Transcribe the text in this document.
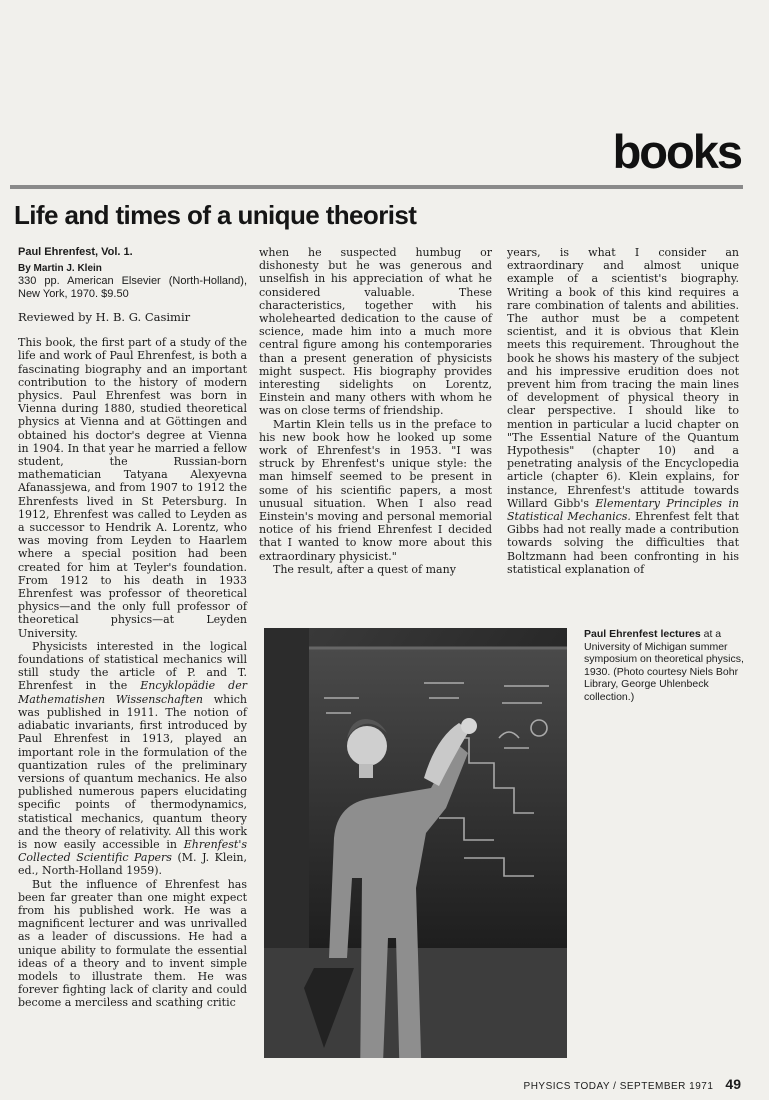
books
Life and times of a unique theorist
Paul Ehrenfest, Vol. 1.
By Martin J. Klein
330 pp. American Elsevier (North-Holland), New York, 1970. $9.50
Reviewed by H. B. G. Casimir

This book, the first part of a study of the life and work of Paul Ehrenfest, is both a fascinating biography and an important contribution to the history of modern physics. Paul Ehrenfest was born in Vienna during 1880, studied theoretical physics at Vienna and at Göttingen and obtained his doctor's degree at Vienna in 1904. In that year he married a fellow student, the Russian-born mathematician Tatyana Alexyevna Afanassjewa, and from 1907 to 1912 the Ehrenfests lived in St Petersburg. In 1912, Ehrenfest was called to Leyden as a successor to Hendrik A. Lorentz, who was moving from Leyden to Haarlem where a special position had been created for him at Teyler's foundation. From 1912 to his death in 1933 Ehrenfest was professor of theoretical physics—and the only full professor of theoretical physics—at Leyden University.

Physicists interested in the logical foundations of statistical mechanics will still study the article of P. and T. Ehrenfest in the Encyklopädie der Mathematishen Wissenschaften which was published in 1911. The notion of adiabatic invariants, first introduced by Paul Ehrenfest in 1913, played an important role in the formulation of the quantization rules of the preliminary versions of quantum mechanics. He also published numerous papers elucidating specific points of thermodynamics, statistical mechanics, quantum theory and the theory of relativity. All this work is now easily accessible in Ehrenfest's Collected Scientific Papers (M. J. Klein, ed., North-Holland 1959).

But the influence of Ehrenfest has been far greater than one might expect from his published work. He was a magnificent lecturer and was unrivalled as a leader of discussions. He had a unique ability to formulate the essential ideas of a theory and to invent simple models to illustrate them. He was forever fighting lack of clarity and could become a merciless and scathing critic

when he suspected humbug or dishonesty but he was generous and unselfish in his appreciation of what he considered valuable. These characteristics, together with his wholehearted dedication to the cause of science, made him into a much more central figure among his contemporaries than a present generation of physicists might suspect. His biography provides interesting sidelights on Lorentz, Einstein and many others with whom he was on close terms of friendship.

Martin Klein tells us in the preface to his new book how he looked up some work of Ehrenfest's in 1953. "I was struck by Ehrenfest's unique style: the man himself seemed to be present in some of his scientific papers, a most unusual situation. When I also read Einstein's moving and personal memorial notice of his friend Ehrenfest I decided that I wanted to know more about this extraordinary physicist."

The result, after a quest of many

years, is what I consider an extraordinary and almost unique example of a scientist's biography. Writing a book of this kind requires a rare combination of talents and abilities. The author must be a competent scientist, and it is obvious that Klein meets this requirement. Throughout the book he shows his mastery of the subject and his impressive erudition does not prevent him from tracing the main lines of development of physical theory in clear perspective. I should like to mention in particular a lucid chapter on "The Essential Nature of the Quantum Hypothesis" (chapter 10) and a penetrating analysis of the Encyclopedia article (chapter 6). Klein explains, for instance, Ehrenfest's attitude towards Willard Gibb's Elementary Principles in Statistical Mechanics. Ehrenfest felt that Gibbs had not really made a contribution towards solving the difficulties that Boltzmann had been confronting in his statistical explanation of

Paul Ehrenfest lectures at a University of Michigan summer symposium on theoretical physics, 1930. (Photo courtesy Niels Bohr Library, George Uhlenbeck collection.)
PHYSICS TODAY / SEPTEMBER 1971 49
